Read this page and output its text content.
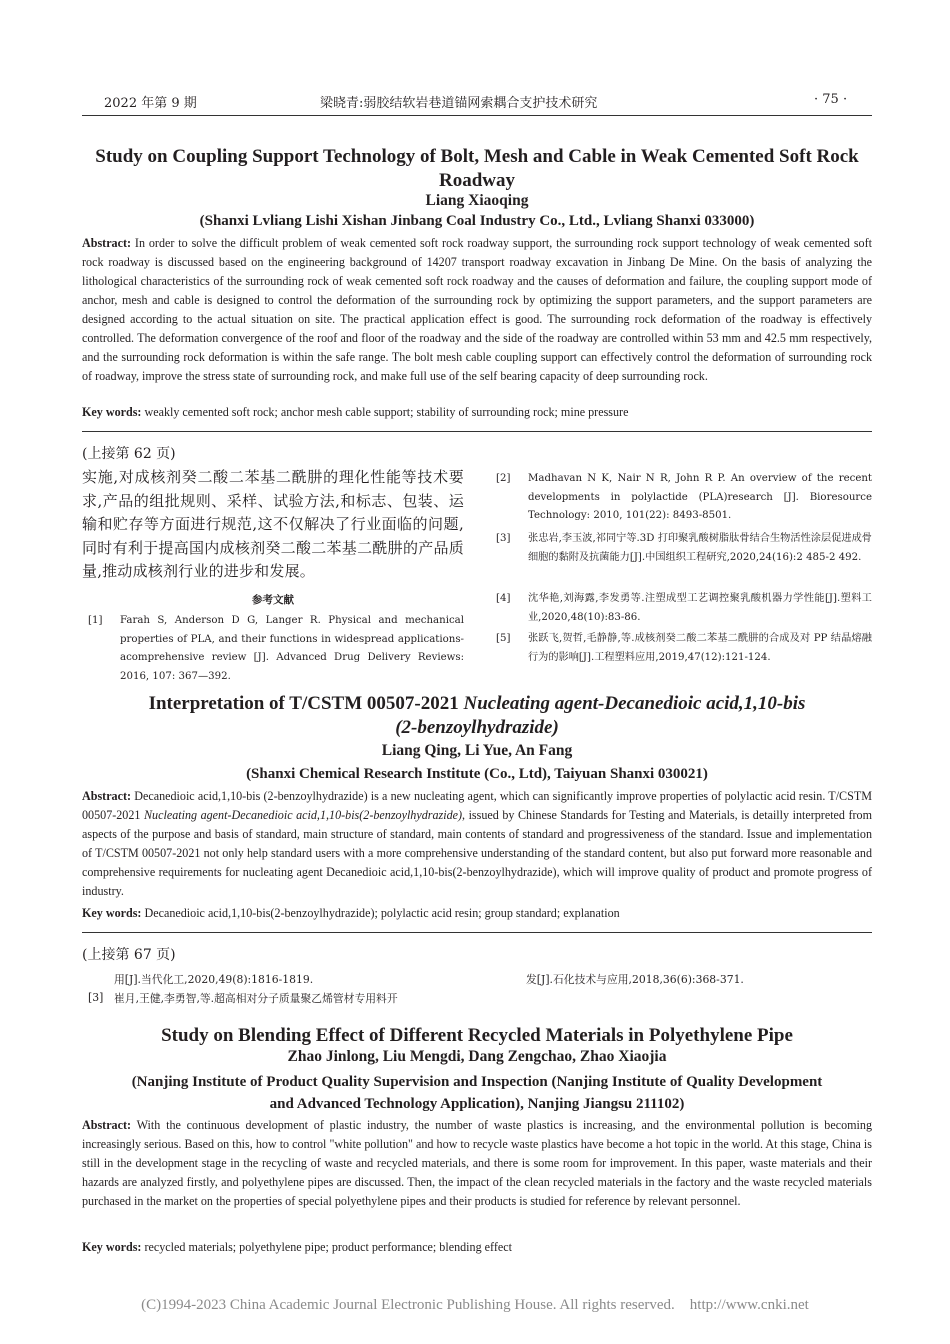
2022 年第 9 期	梁晓青:弱胶结软岩巷道锚网索耦合支护技术研究	· 75 ·
Study on Coupling Support Technology of Bolt, Mesh and Cable in Weak Cemented Soft Rock
Roadway
Liang Xiaoqing
(Shanxi Lvliang Lishi Xishan Jinbang Coal Industry Co., Ltd., Lvliang Shanxi 033000)
Abstract: In order to solve the difficult problem of weak cemented soft rock roadway support, the surrounding rock support technology of weak cemented soft rock roadway is discussed based on the engineering background of 14207 transport roadway excavation in Jinbang De Mine. On the basis of analyzing the lithological characteristics of the surrounding rock of weak cemented soft rock roadway and the causes of deformation and failure, the coupling support mode of anchor, mesh and cable is designed to control the deformation of the surrounding rock by optimizing the support parameters, and the support parameters are designed according to the actual situation on site. The practical application effect is good. The surrounding rock deformation of the roadway is effectively controlled. The deformation convergence of the roof and floor of the roadway and the side of the roadway are controlled within 53 mm and 42.5 mm respectively, and the surrounding rock deformation is within the safe range. The bolt mesh cable coupling support can effectively control the deformation of surrounding rock of roadway, improve the stress state of surrounding rock, and make full use of the self bearing capacity of deep surrounding rock.
Key words: weakly cemented soft rock; anchor mesh cable support; stability of surrounding rock; mine pressure
(上接第 62 页)
实施,对成核剂癸二酸二苯基二酰肼的理化性能等技术要求,产品的组批规则、采样、试验方法,和标志、包装、运输和贮存等方面进行规范,这不仅解决了行业面临的问题,同时有利于提高国内成核剂癸二酸二苯基二酰肼的产品质量,推动成核剂行业的进步和发展。
参考文献
[1] Farah S, Anderson D G, Langer R. Physical and mechanical properties of PLA, and their functions in widespread applications-acomprehensive review [J]. Advanced Drug Delivery Reviews: 2016, 107: 367—392.
[2] Madhavan N K, Nair N R, John R P. An overview of the recent developments in polylactide (PLA)research [J]. Bioresource Technology: 2010, 101(22): 8493-8501.
[3] 张忠岩,李玉波,祁同宁等.3D 打印聚乳酸树脂肽骨结合生物活性涂层促进成骨细胞的黏附及抗菌能力[J].中国组织工程研究,2020,24(16):2 485-2 492.
[4] 沈华艳,刘海露,李发勇等.注塑成型工艺调控聚乳酸机器力学性能[J].塑料工业,2020,48(10):83-86.
[5] 张跃飞,贺哲,毛静静,等.成核剂癸二酸二苯基二酰肼的合成及对 PP 结晶熔融行为的影响[J].工程塑料应用,2019,47(12):121-124.
Interpretation of T/CSTM 00507-2021 Nucleating agent-Decanedioic acid,1,10-bis
(2-benzoylhydrazide)
Liang Qing, Li Yue, An Fang
(Shanxi Chemical Research Institute (Co., Ltd), Taiyuan Shanxi 030021)
Abstract: Decanedioic acid,1,10-bis (2-benzoylhydrazide) is a new nucleating agent, which can significantly improve properties of polylactic acid resin. T/CSTM 00507-2021 Nucleating agent-Decanedioic acid,1,10-bis(2-benzoylhydrazide), issued by Chinese Standards for Testing and Materials, is detailly interpreted from aspects of the purpose and basis of standard, main structure of standard, main contents of standard and progressiveness of the standard. Issue and implementation of T/CSTM 00507-2021 not only help standard users with a more comprehensive understanding of the standard content, but also put forward more reasonable and comprehensive requirements for nucleating agent Decanedioic acid,1,10-bis(2-benzoylhydrazide), which will improve quality of product and promote progress of industry.
Key words: Decanedioic acid,1,10-bis(2-benzoylhydrazide); polylactic acid resin; group standard; explanation
(上接第 67 页)
用[J].当代化工,2020,49(8):1816-1819.
[3] 崔月,王健,李勇智,等.超高相对分子质量聚乙烯管材专用料开
发[J].石化技术与应用,2018,36(6):368-371.
Study on Blending Effect of Different Recycled Materials in Polyethylene Pipe
Zhao Jinlong, Liu Mengdi, Dang Zengchao, Zhao Xiaojia
(Nanjing Institute of Product Quality Supervision and Inspection (Nanjing Institute of Quality Development
and Advanced Technology Application), Nanjing Jiangsu 211102)
Abstract: With the continuous development of plastic industry, the number of waste plastics is increasing, and the environmental pollution is becoming increasingly serious. Based on this, how to control "white pollution" and how to recycle waste plastics have become a hot topic in the world. At this stage, China is still in the development stage in the recycling of waste and recycled materials, and there is some room for improvement. In this paper, waste materials and their hazards are analyzed firstly, and polyethylene pipes are discussed. Then, the impact of the clean recycled materials in the factory and the waste recycled materials purchased in the market on the properties of special polyethylene pipes and their products is studied for reference by relevant personnel.
Key words: recycled materials; polyethylene pipe; product performance; blending effect
(C)1994-2023 China Academic Journal Electronic Publishing House. All rights reserved.    http://www.cnki.net
